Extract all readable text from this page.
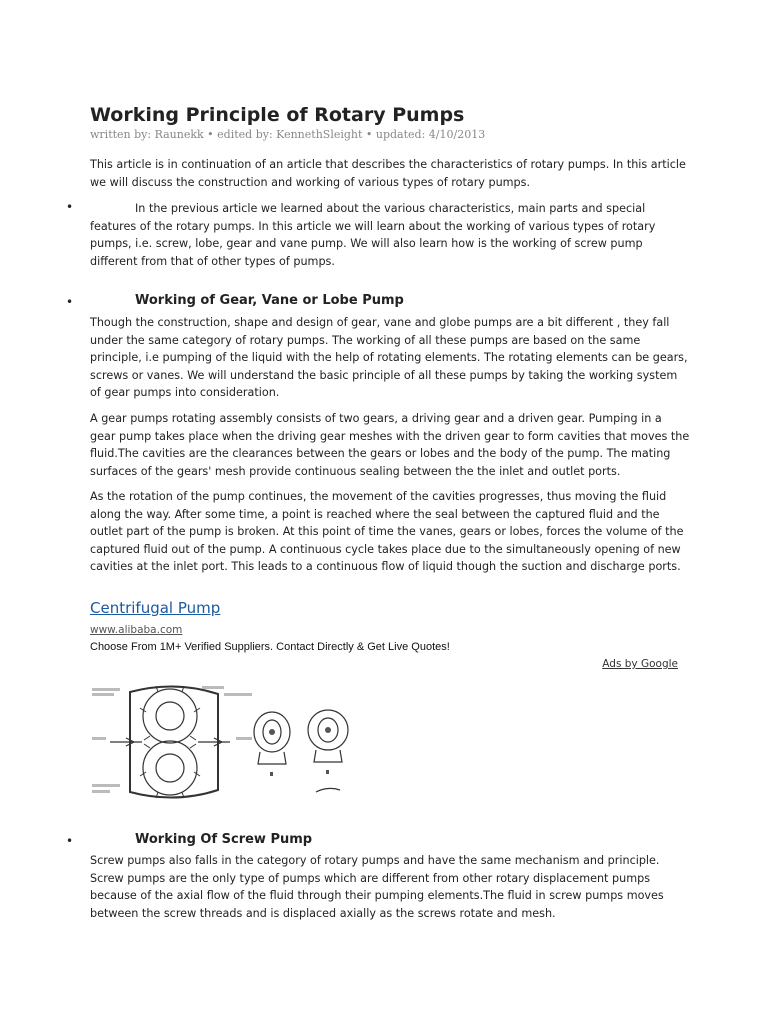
Working Principle of Rotary Pumps
written by: Raunekk • edited by: KennethSleight • updated: 4/10/2013

This article is in continuation of an article that describes the characteristics of rotary pumps. In this article we will discuss the construction and working of various types of rotary pumps.

•	In the previous article we learned about the various characteristics, main parts and special features of the rotary pumps. In this article we will learn about the working of various types of rotary pumps, i.e. screw, lobe, gear and vane pump. We will also learn how is the working of screw pump different from that of other types of pumps.

•	Working of Gear, Vane or Lobe Pump

Though the construction, shape and design of gear, vane and globe pumps are a bit different , they fall under the same category of rotary pumps. The working of all these pumps are based on the same principle, i.e pumping of the liquid with the help of rotating elements. The rotating elements can be gears, screws or vanes. We will understand the basic principle of all these pumps by taking the working system of gear pumps into consideration.

A gear pumps rotating assembly consists of two gears, a driving gear and a driven gear. Pumping in a gear pump takes place when the driving gear meshes with the driven gear to form cavities that moves the fluid.The cavities are the clearances between the gears or lobes and the body of the pump. The mating surfaces of the gears' mesh provide continuous sealing between the the inlet and outlet ports.

As the rotation of the pump continues, the movement of the cavities progresses, thus moving the fluid along the way. After some time, a point is reached where the seal between the captured fluid and the outlet part of the pump is broken. At this point of time the vanes, gears or lobes, forces the volume of the captured fluid out of the pump. A continuous cycle takes place due to the simultaneously opening of new cavities at the inlet port. This leads to a continuous flow of liquid though the suction and discharge ports.

Centrifugal Pump
www.alibaba.com
Choose From 1M+ Verified Suppliers. Contact Directly & Get Live Quotes!
Ads by Google
•	Working Of Screw Pump

Screw pumps also falls in the category of rotary pumps and have the same mechanism and principle. Screw pumps are the only type of pumps which are different from other rotary displacement pumps because of the axial flow of the fluid through their pumping elements.The fluid in screw pumps moves between the screw threads and is displaced axially as the screws rotate and mesh.
